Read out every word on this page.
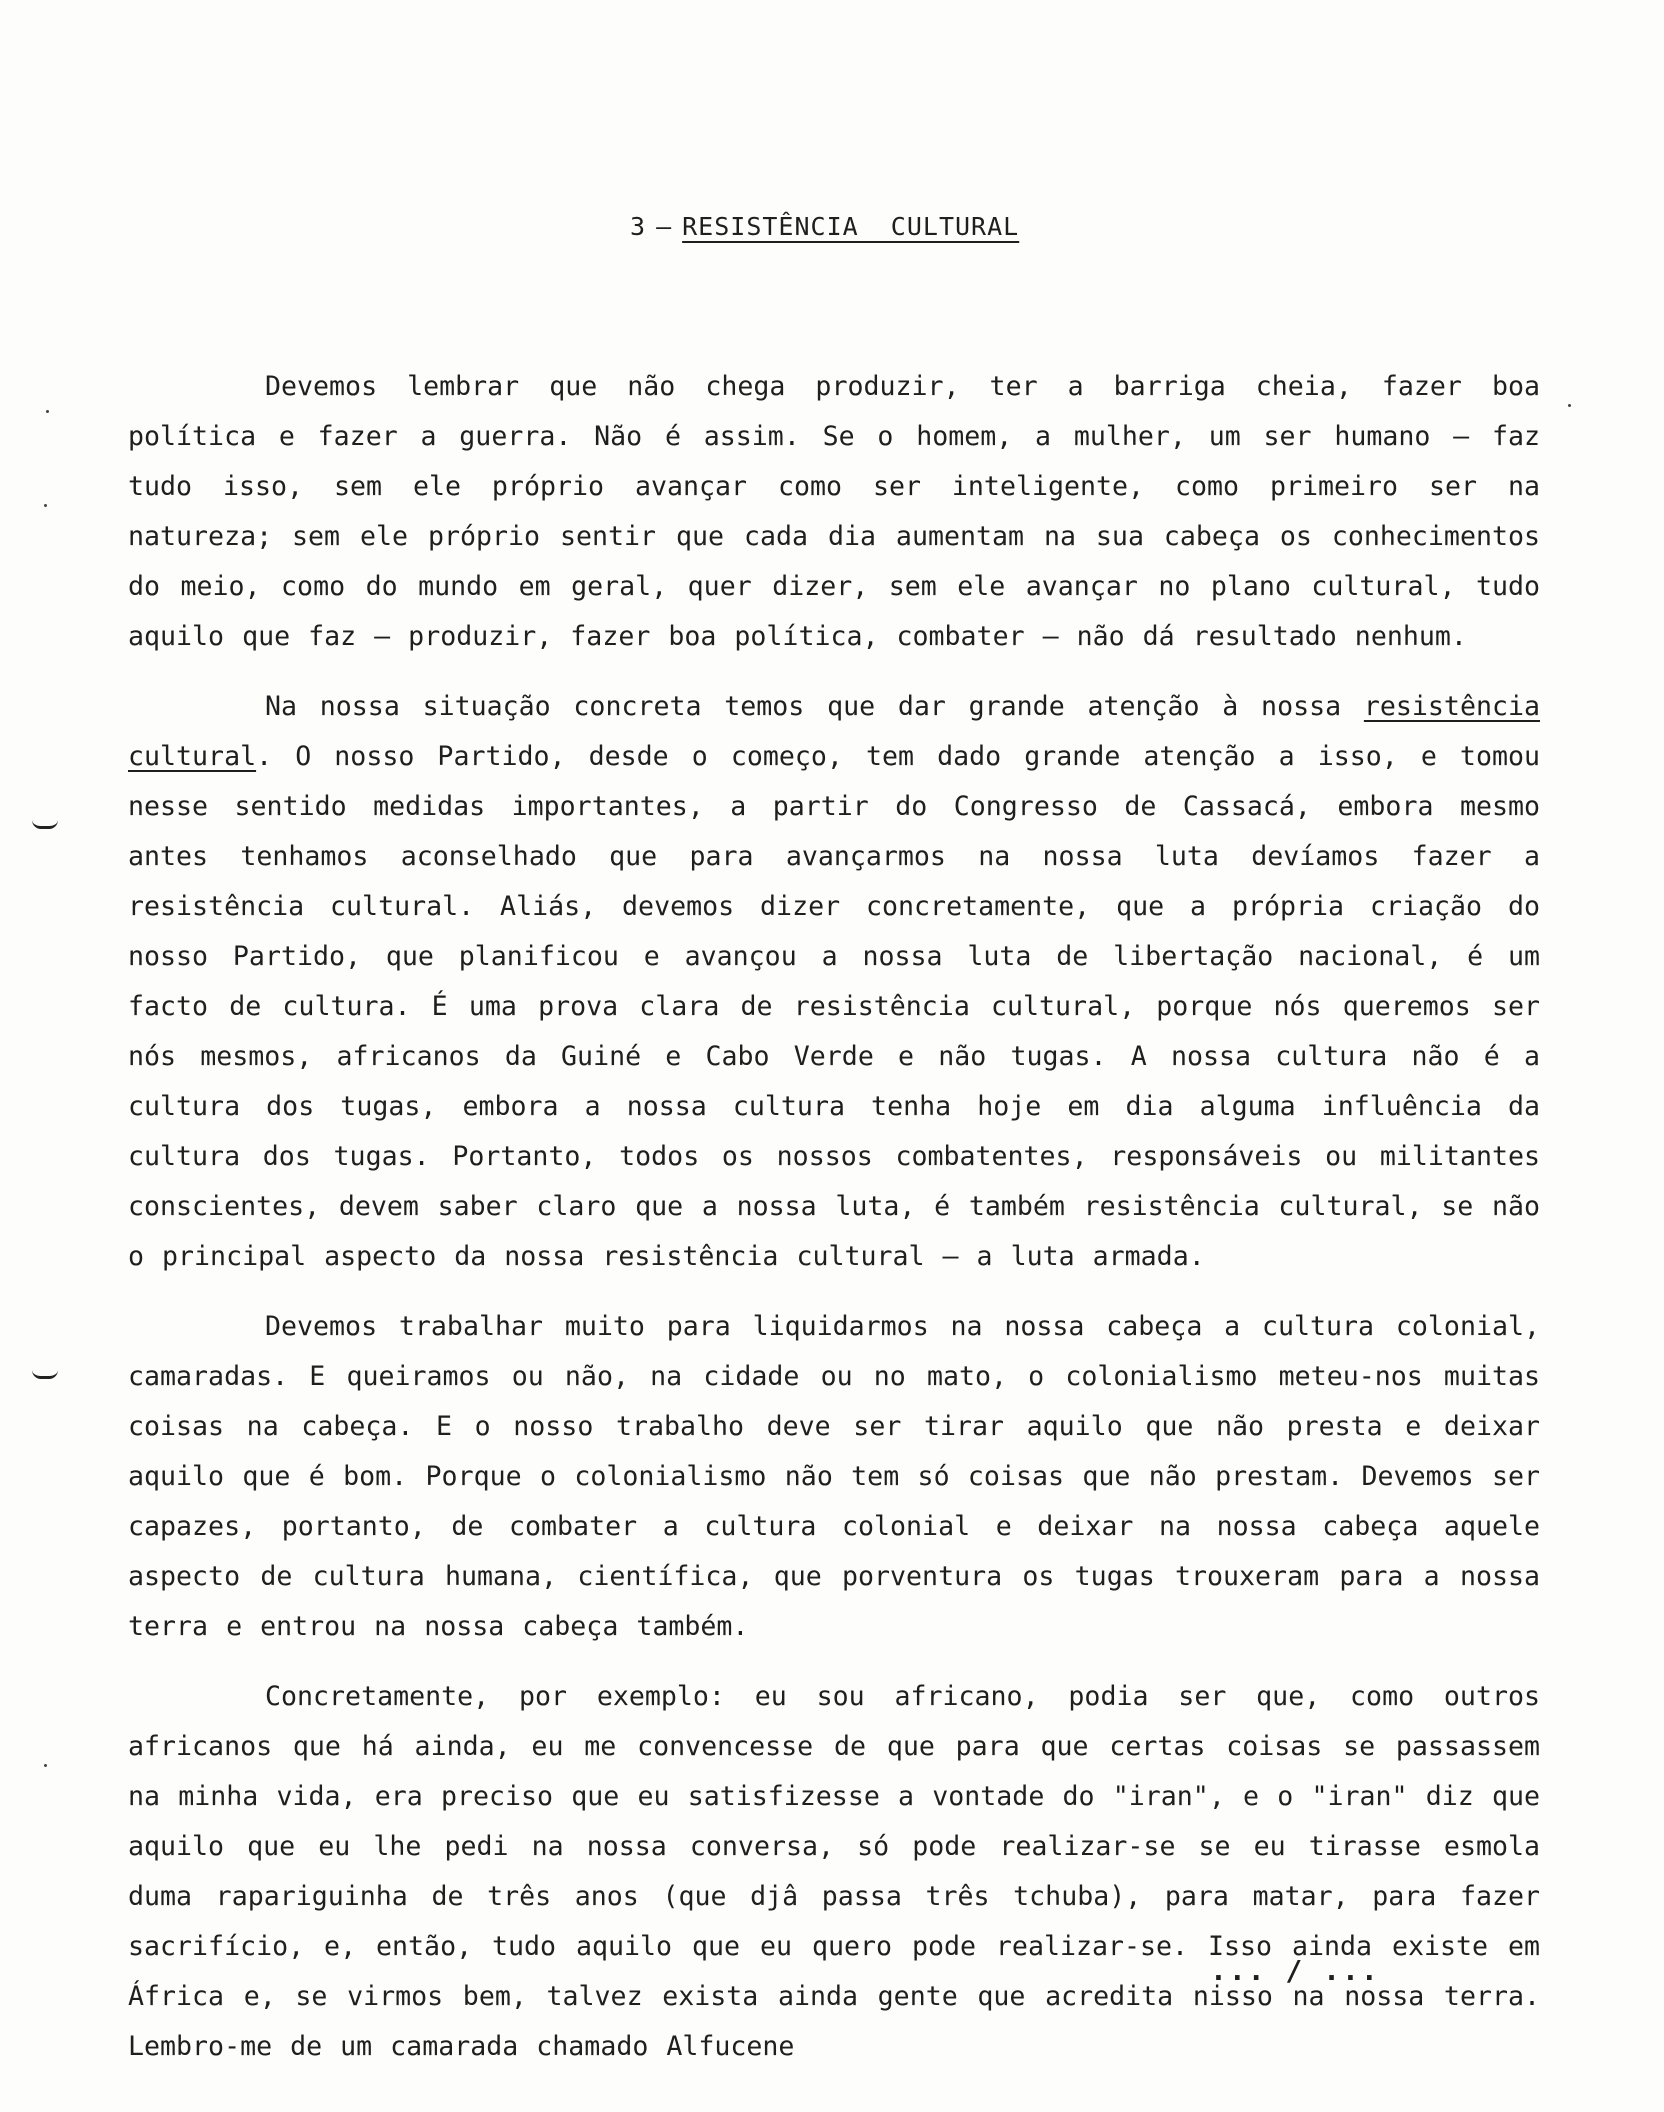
3 – RESISTÊNCIA  CULTURAL

Devemos lembrar que não chega produzir, ter a barriga cheia, fazer boa política e fazer a guerra. Não é assim. Se o homem, a mulher, um ser humano – faz tudo isso, sem ele próprio avançar como ser inteligente, como primeiro ser na natureza; sem ele próprio sentir que cada dia aumentam na sua cabeça os conhecimentos do meio, como do mundo em geral, quer dizer, sem ele avançar no plano cultural, tudo aquilo que faz – produzir, fazer boa política, combater – não dá resultado nenhum.

Na nossa situação concreta temos que dar grande atenção à nossa resistência cultural. O nosso Partido, desde o começo, tem dado grande atenção a isso, e tomou nesse sentido medidas importantes, a partir do Congresso de Cassacá, embora mesmo antes tenhamos aconselhado que para avançarmos na nossa luta devíamos fazer a resistência cultural. Aliás, devemos dizer concretamente, que a própria criação do nosso Partido, que planificou e avançou a nossa luta de libertação nacional, é um facto de cultura. É uma prova clara de resistência cultural, porque nós queremos ser nós mesmos, africanos da Guiné e Cabo Verde e não tugas. A nossa cultura não é a cultura dos tugas, embora a nossa cultura tenha hoje em dia alguma influência da cultura dos tugas. Portanto, todos os nossos combatentes, responsáveis ou militantes conscientes, devem saber claro que a nossa luta, é também resistência cultural, se não o principal aspecto da nossa resistência cultural – a luta armada.

Devemos trabalhar muito para liquidarmos na nossa cabeça a cultura colonial, camaradas. E queiramos ou não, na cidade ou no mato, o colonialismo meteu-nos muitas coisas na cabeça. E o nosso trabalho deve ser tirar aquilo que não presta e deixar aquilo que é bom. Porque o colonialismo não tem só coisas que não prestam. Devemos ser capazes, portanto, de combater a cultura colonial e deixar na nossa cabeça aquele aspecto de cultura humana, científica, que porventura os tugas trouxeram para a nossa terra e entrou na nossa cabeça também.

Concretamente, por exemplo: eu sou africano, podia ser que, como outros africanos que há ainda, eu me convencesse de que para que certas coisas se passassem na minha vida, era preciso que eu satisfizesse a vontade do "iran", e o "iran" diz que aquilo que eu lhe pedi na nossa conversa, só pode realizar-se se eu tirasse esmola duma rapariguinha de três anos (que djâ passa três tchuba), para matar, para fazer sacrifício, e, então, tudo aquilo que eu quero pode realizar-se. Isso ainda existe em África e, se virmos bem, talvez exista ainda gente que acredita nisso na nossa terra. Lembro-me de um camarada chamado Alfucene

... / ...
